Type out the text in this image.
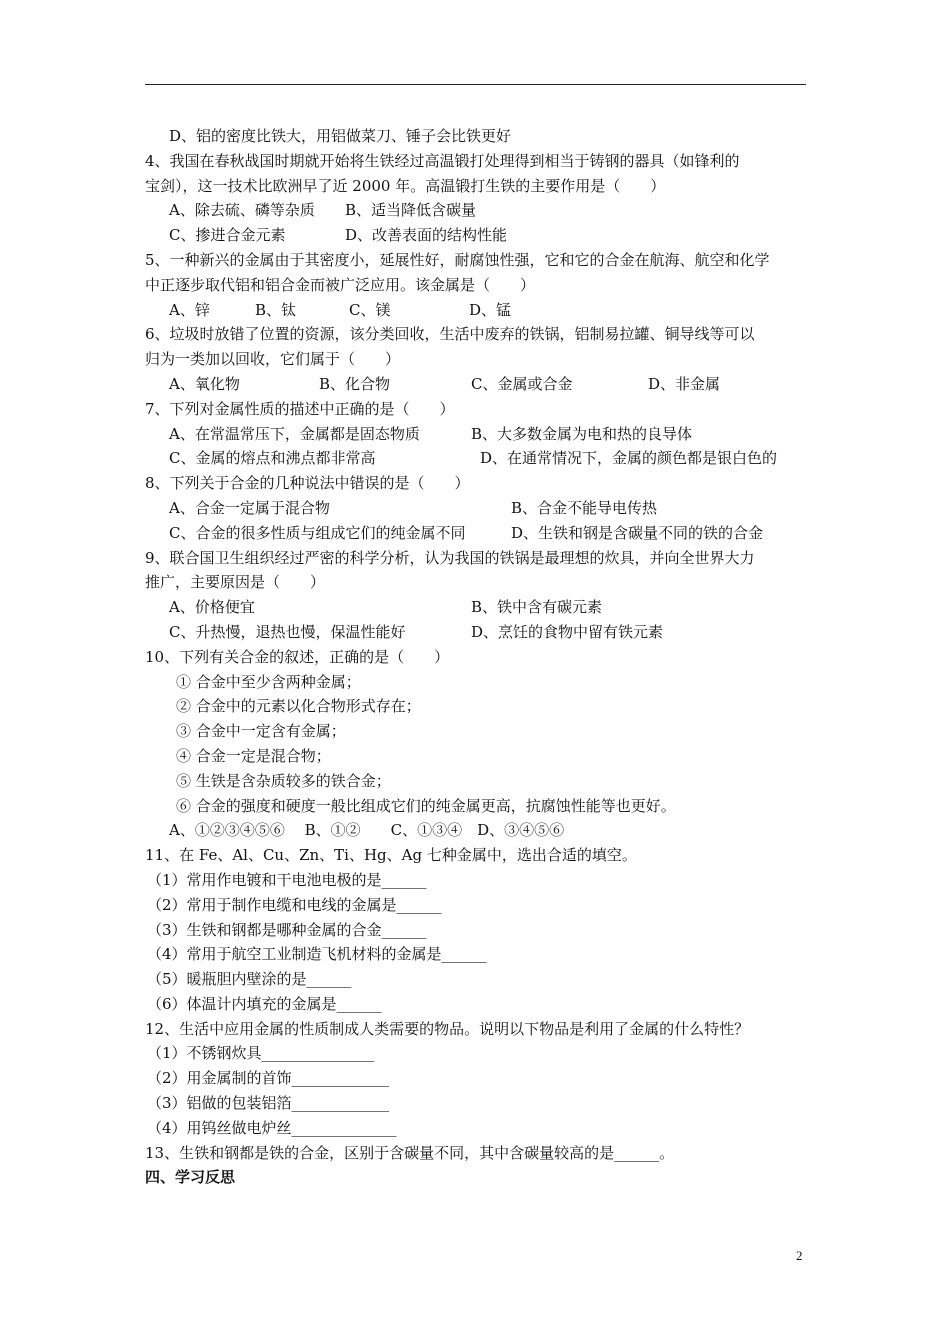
D、铝的密度比铁大，用铝做菜刀、锤子会比铁更好
4、我国在春秋战国时期就开始将生铁经过高温锻打处理得到相当于铸钢的器具（如锋利的
宝剑），这一技术比欧洲早了近 2000 年。高温锻打生铁的主要作用是（　　）
A、除去硫、磷等杂质	B、适当降低含碳量
C、掺进合金元素	D、改善表面的结构性能
5、一种新兴的金属由于其密度小，延展性好，耐腐蚀性强，它和它的合金在航海、航空和化学
中正逐步取代铝和铝合金而被广泛应用。该金属是（　　）
A、锌	B、钛	C、镁	D、锰
6、垃圾时放错了位置的资源，该分类回收，生活中废弃的铁锅，铝制易拉罐、铜导线等可以
归为一类加以回收，它们属于（　　）
A、氧化物	B、化合物	C、金属或合金	D、非金属
7、下列对金属性质的描述中正确的是（　　）
A、在常温常压下，金属都是固态物质	B、大多数金属为电和热的良导体
C、金属的熔点和沸点都非常高	D、在通常情况下，金属的颜色都是银白色的
8、下列关于合金的几种说法中错误的是（　　）
A、合金一定属于混合物	B、合金不能导电传热
C、合金的很多性质与组成它们的纯金属不同	D、生铁和钢是含碳量不同的铁的合金
9、联合国卫生组织经过严密的科学分析，认为我国的铁锅是最理想的炊具，并向全世界大力
推广，主要原因是（　　）
A、价格便宜	B、铁中含有碳元素
C、升热慢，退热也慢，保温性能好	D、烹饪的食物中留有铁元素
10、下列有关合金的叙述，正确的是（　　）
① 合金中至少含两种金属；
② 合金中的元素以化合物形式存在；
③ 合金中一定含有金属；
④ 合金一定是混合物；
⑤ 生铁是含杂质较多的铁合金；
⑥ 合金的强度和硬度一般比组成它们的纯金属更高，抗腐蚀性能等也更好。
A、①②③④⑤⑥　 B、①②　　C、①③④　D、③④⑤⑥
11、在 Fe、Al、Cu、Zn、Ti、Hg、Ag 七种金属中，选出合适的填空。
（1）常用作电镀和干电池电极的是______
（2）常用于制作电缆和电线的金属是______
（3）生铁和钢都是哪种金属的合金______
（4）常用于航空工业制造飞机材料的金属是______
（5）暖瓶胆内壁涂的是______
（6）体温计内填充的金属是______
12、生活中应用金属的性质制成人类需要的物品。说明以下物品是利用了金属的什么特性？
（1）不锈钢炊具_______________
（2）用金属制的首饰_____________
（3）铝做的包装铝箔_____________
（4）用钨丝做电炉丝______________
13、生铁和钢都是铁的合金，区别于含碳量不同，其中含碳量较高的是______。
四、学习反思
2
